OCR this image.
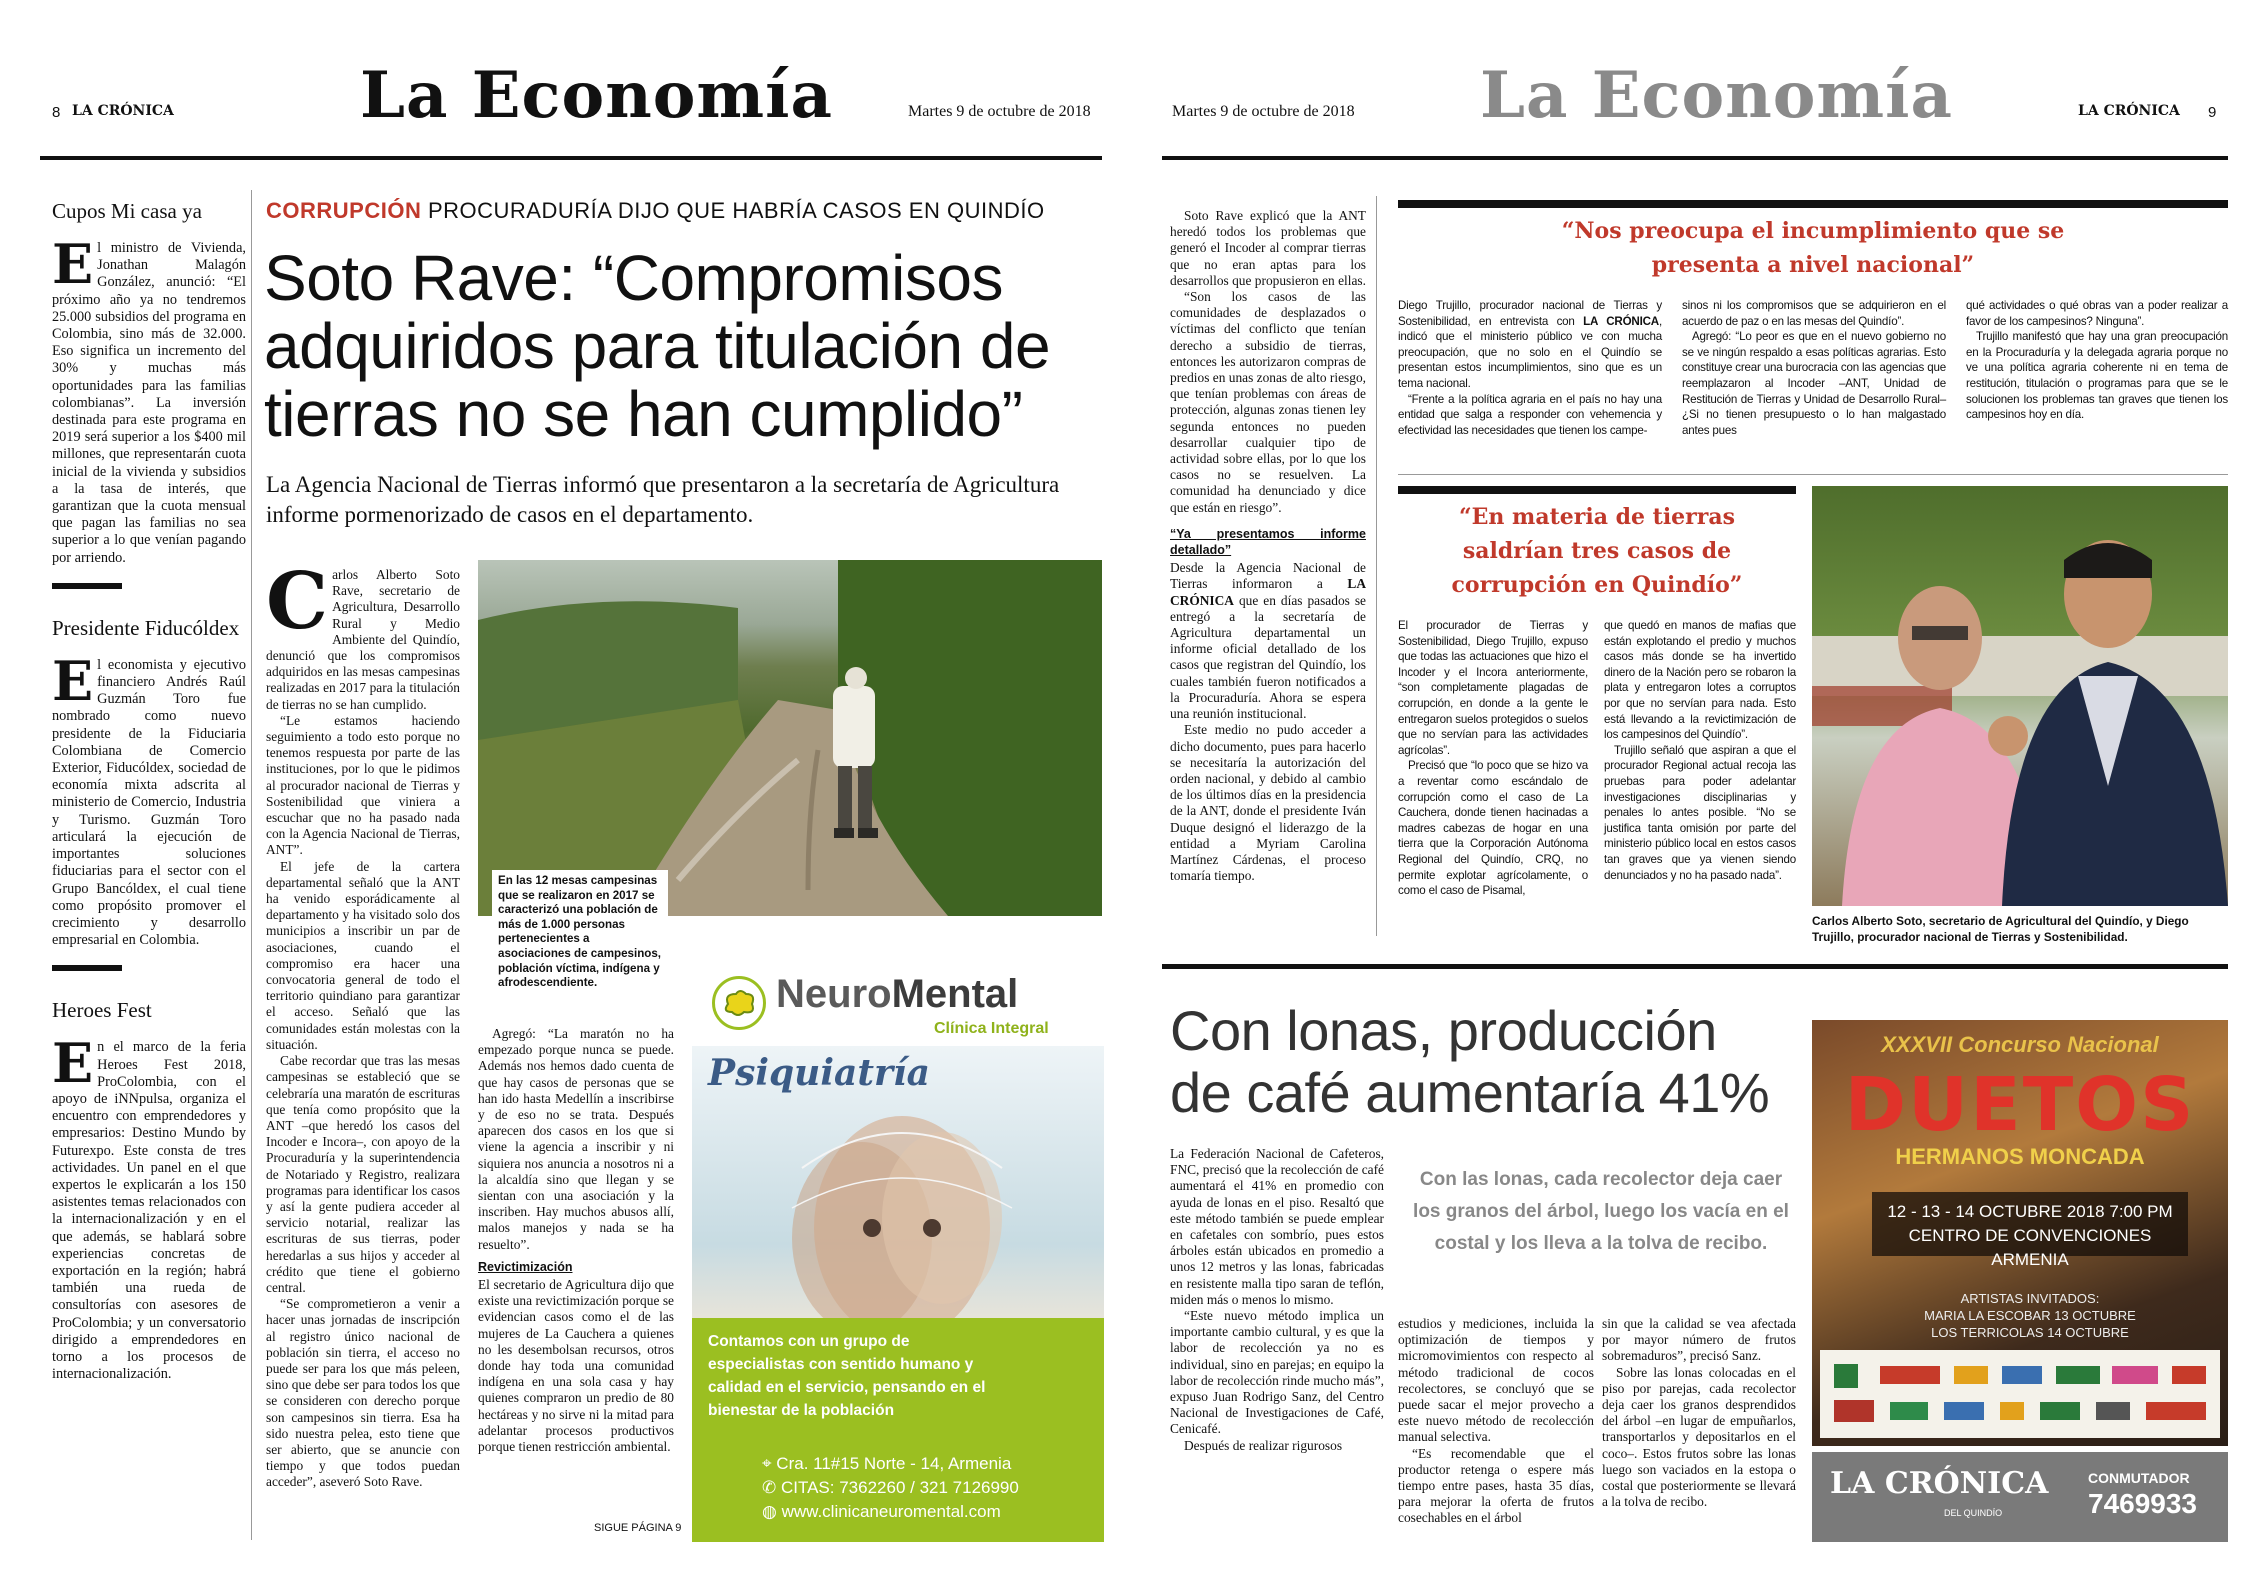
8 LA CRÓNICA	La Economía	Martes 9 de octubre de 2018
Cupos Mi casa ya
El ministro de Vivienda, Jonathan Malagón González, anunció: “El próximo año ya no tendremos 25.000 subsidios del programa en Colombia, sino más de 32.000. Eso significa un incremento del 30% y muchas más oportunidades para las familias colombianas”. La inversión destinada para este programa en 2019 será superior a los $400 mil millones, que representarán cuota inicial de la vivienda y subsidios a la tasa de interés, que garantizan que la cuota mensual que pagan las familias no sea superior a lo que venían pagando por arriendo.
Presidente Fiducóldex
El economista y ejecutivo financiero Andrés Raúl Guzmán Toro fue nombrado como nuevo presidente de la Fiduciaria Colombiana de Comercio Exterior, Fiducóldex, sociedad de economía mixta adscrita al ministerio de Comercio, Industria y Turismo. Guzmán Toro articulará la ejecución de importantes soluciones fiduciarias para el sector con el Grupo Bancóldex, el cual tiene como propósito promover el crecimiento y desarrollo empresarial en Colombia.
Heroes Fest
En el marco de la feria Heroes Fest 2018, ProColombia, con el apoyo de iNNpulsa, organiza el encuentro con emprendedores y empresarios: Destino Mundo by Futurexpo. Este consta de tres actividades. Un panel en el que expertos le explicarán a los 150 asistentes temas relacionados con la internacionalización y en el que además, se hablará sobre experiencias concretas de exportación en la región; habrá también una rueda de consultorías con asesores de ProColombia; y un conversatorio dirigido a emprendedores en torno a los procesos de internacionalización.
CORRUPCIÓN PROCURADURÍA DIJO QUE HABRÍA CASOS EN QUINDÍO
Soto Rave: “Compromisos adquiridos para titulación de tierras no se han cumplido”
La Agencia Nacional de Tierras informó que presentaron a la secretaría de Agricultura informe pormenorizado de casos en el departamento.

Carlos Alberto Soto Rave, secretario de Agricultura, Desarrollo Rural y Medio Ambiente del Quindío, denunció que los compromisos adquiridos en las mesas campesinas realizadas en 2017 para la titulación de tierras no se han cumplido.

“Le estamos haciendo seguimiento a todo esto porque no tenemos respuesta por parte de las instituciones, por lo que le pidimos al procurador nacional de Tierras y Sostenibilidad que viniera a escuchar que no ha pasado nada con la Agencia Nacional de Tierras, ANT”.

El jefe de la cartera departamental señaló que la ANT ha venido esporádicamente al departamento y ha visitado solo dos municipios a inscribir un par de asociaciones, cuando el compromiso era hacer una convocatoria general de todo el territorio quindiano para garantizar el acceso. Señaló que las comunidades están molestas con la situación.

Cabe recordar que tras las mesas campesinas se estableció que se celebraría una maratón de escrituras que tenía como propósito que la ANT –que heredó los casos del Incoder e Incora–, con apoyo de la Procuraduría y la superintendencia de Notariado y Registro, realizara programas para identificar los casos y así la gente pudiera acceder al servicio notarial, realizar las escrituras de sus tierras, poder heredarlas a sus hijos y acceder al crédito que tiene el gobierno central.

“Se comprometieron a venir a hacer unas jornadas de inscripción al registro único nacional de población sin tierra, el acceso no puede ser para los que más peleen, sino que debe ser para todos los que se consideren con derecho porque son campesinos sin tierra. Esa ha sido nuestra pelea, esto tiene que ser abierto, que se anuncie con tiempo y que todos puedan acceder”, aseveró Soto Rave.

En las 12 mesas campesinas que se realizaron en 2017 se caracterizó una población de más de 1.000 personas pertenecientes a asociaciones de campesinos, población víctima, indígena y afrodescendiente.

Agregó: “La maratón no ha empezado porque nunca se puede. Además nos hemos dado cuenta de que hay casos de personas que se han ido hasta Medellín a inscribirse y de eso no se trata. Después aparecen dos casos en los que si viene la agencia a inscribir y ni siquiera nos anuncia a nosotros ni a la alcaldía sino que llegan y se sientan con una asociación y la inscriben. Hay muchos abusos allí, malos manejos y nada se ha resuelto”.

Revictimización

El secretario de Agricultura dijo que existe una revictimización porque se evidencian casos como el de las mujeres de La Cauchera a quienes no les desembolsan recursos, otros donde hay toda una comunidad indígena en una sola casa y hay quienes compraron un predio de 80 hectáreas y no sirve ni la mitad para adelantar procesos productivos porque tienen restricción ambiental.

SIGUE PÁGINA 9
NeuroMental
Clínica Integral
Psiquiatría
Contamos con un grupo de especialistas con sentido humano y calidad en el servicio, pensando en el bienestar de la población
⌖ Cra. 11#15 Norte - 14, Armenia
✆ CITAS: 7362260 / 321 7126990
◍ www.clinicaneuromental.com
Martes 9 de octubre de 2018 La Economía	LA CRÓNICA 9

Soto Rave explicó que la ANT heredó todos los problemas que generó el Incoder al comprar tierras que no eran aptas para los desarrollos que propusieron en ellas.

“Son los casos de las comunidades de desplazados o víctimas del conflicto que tenían derecho a subsidio de tierras, entonces les autorizaron compras de predios en unas zonas de alto riesgo, que tenían problemas con áreas de protección, algunas zonas tienen ley segunda entonces no pueden desarrollar cualquier tipo de actividad sobre ellas, por lo que los casos no se resuelven. La comunidad ha denunciado y dice que están en riesgo”.

“Ya presentamos informe detallado”

Desde la Agencia Nacional de Tierras informaron a LA CRÓNICA que en días pasados se entregó a la secretaría de Agricultura departamental un informe oficial detallado de los casos que registran del Quindío, los cuales también fueron notificados a la Procuraduría. Ahora se espera una reunión institucional.

Este medio no pudo acceder a dicho documento, pues para hacerlo se necesitaría la autorización del orden nacional, y debido al cambio de los últimos días en la presidencia de la ANT, donde el presidente Iván Duque designó el liderazgo de la entidad a Myriam Carolina Martínez Cárdenas, el proceso tomaría tiempo.

“Nos preocupa el incumplimiento que se presenta a nivel nacional”

Diego Trujillo, procurador nacional de Tierras y Sostenibilidad, en entrevista con LA CRÓNICA, indicó que el ministerio público ve con mucha preocupación, que no solo en el Quindío se presentan estos incumplimientos, sino que es un tema nacional.

“Frente a la política agraria en el país no hay una entidad que salga a responder con vehemencia y efectividad las necesidades que tienen los campe-

sinos ni los compromisos que se adquirieron en el acuerdo de paz o en las mesas del Quindío”.

Agregó: “Lo peor es que en el nuevo gobierno no se ve ningún respaldo a esas políticas agrarias. Esto constituye crear una burocracia con las agencias que reemplazaron al Incoder –ANT, Unidad de Restitución de Tierras y Unidad de Desarrollo Rural– ¿Si no tienen presupuesto o lo han malgastado antes pues

qué actividades o qué obras van a poder realizar a favor de los campesinos? Ninguna”.

Trujillo manifestó que hay una gran preocupación en la Procuraduría y la delegada agraria porque no ve una política agraria coherente ni en tema de restitución, titulación o programas para que se le solucionen los problemas tan graves que tienen los campesinos hoy en día.

“En materia de tierras saldrían tres casos de corrupción en Quindío”

El procurador de Tierras y Sostenibilidad, Diego Trujillo, expuso que todas las actuaciones que hizo el Incoder y el Incora anteriormente, “son completamente plagadas de corrupción, en donde a la gente le entregaron suelos protegidos o suelos que no servían para las actividades agrícolas”.

Precisó que “lo poco que se hizo va a reventar como escándalo de corrupción como el caso de La Cauchera, donde tienen hacinadas a madres cabezas de hogar en una tierra que la Corporación Autónoma Regional del Quindío, CRQ, no permite explotar agrícolamente, o como el caso de Pisamal,

que quedó en manos de mafias que están explotando el predio y muchos casos más donde se ha invertido dinero de la Nación pero se robaron la plata y entregaron lotes a corruptos por que no servían para nada. Esto está llevando a la revictimización de los campesinos del Quindío”.

Trujillo señaló que aspiran a que el procurador Regional actual recoja las pruebas para poder adelantar investigaciones disciplinarias y penales lo antes posible. “No se justifica tanta omisión por parte del ministerio público local en estos casos tan graves que ya vienen siendo denunciados y no ha pasado nada”.

Carlos Alberto Soto, secretario de Agricultural del Quindío, y Diego Trujillo, procurador nacional de Tierras y Sostenibilidad.
Con lonas, producción de café aumentaría 41%
Con las lonas, cada recolector deja caer los granos del árbol, luego los vacía en el costal y los lleva a la tolva de recibo.

La Federación Nacional de Cafeteros, FNC, precisó que la recolección de café aumentará el 41% en promedio con ayuda de lonas en el piso. Resaltó que este método también se puede emplear en cafetales con sombrío, pues estos árboles están ubicados en promedio a unos 12 metros y las lonas, fabricadas en resistente malla tipo saran de teflón, miden más o menos lo mismo.

“Este nuevo método implica un importante cambio cultural, y es que la labor de recolección ya no es individual, sino en parejas; en equipo la labor de recolección rinde mucho más”, expuso Juan Rodrigo Sanz, del Centro Nacional de Investigaciones de Café, Cenicafé.

Después de realizar rigurosos

estudios y mediciones, incluida la optimización de tiempos y micromovimientos con respecto al método tradicional de cocos recolectores, se concluyó que se puede sacar el mejor provecho a este nuevo método de recolección manual selectiva.

“Es recomendable que el productor retenga o espere más tiempo entre pases, hasta 35 días, para mejorar la oferta de frutos cosechables en el árbol

sin que la calidad se vea afectada por mayor número de frutos sobremaduros”, precisó Sanz.

Sobre las lonas colocadas en el piso por parejas, cada recolector deja caer los granos desprendidos del árbol –en lugar de empuñarlos, transportarlos y depositarlos en el coco–. Estos frutos sobre las lonas luego son vaciados en la estopa o costal que posteriormente se llevará a la tolva de recibo.

XXXVII Concurso Nacional
DUETOS
HERMANOS MONCADA
12 - 13 - 14 OCTUBRE 2018 7:00 PM
CENTRO DE CONVENCIONES ARMENIA
ARTISTAS INVITADOS:
MARIA LA ESCOBAR 13 OCTUBRE
LOS TERRICOLAS 14 OCTUBRE
LA CRÓNICA
DEL QUINDÍO
CONMUTADOR
7469933
